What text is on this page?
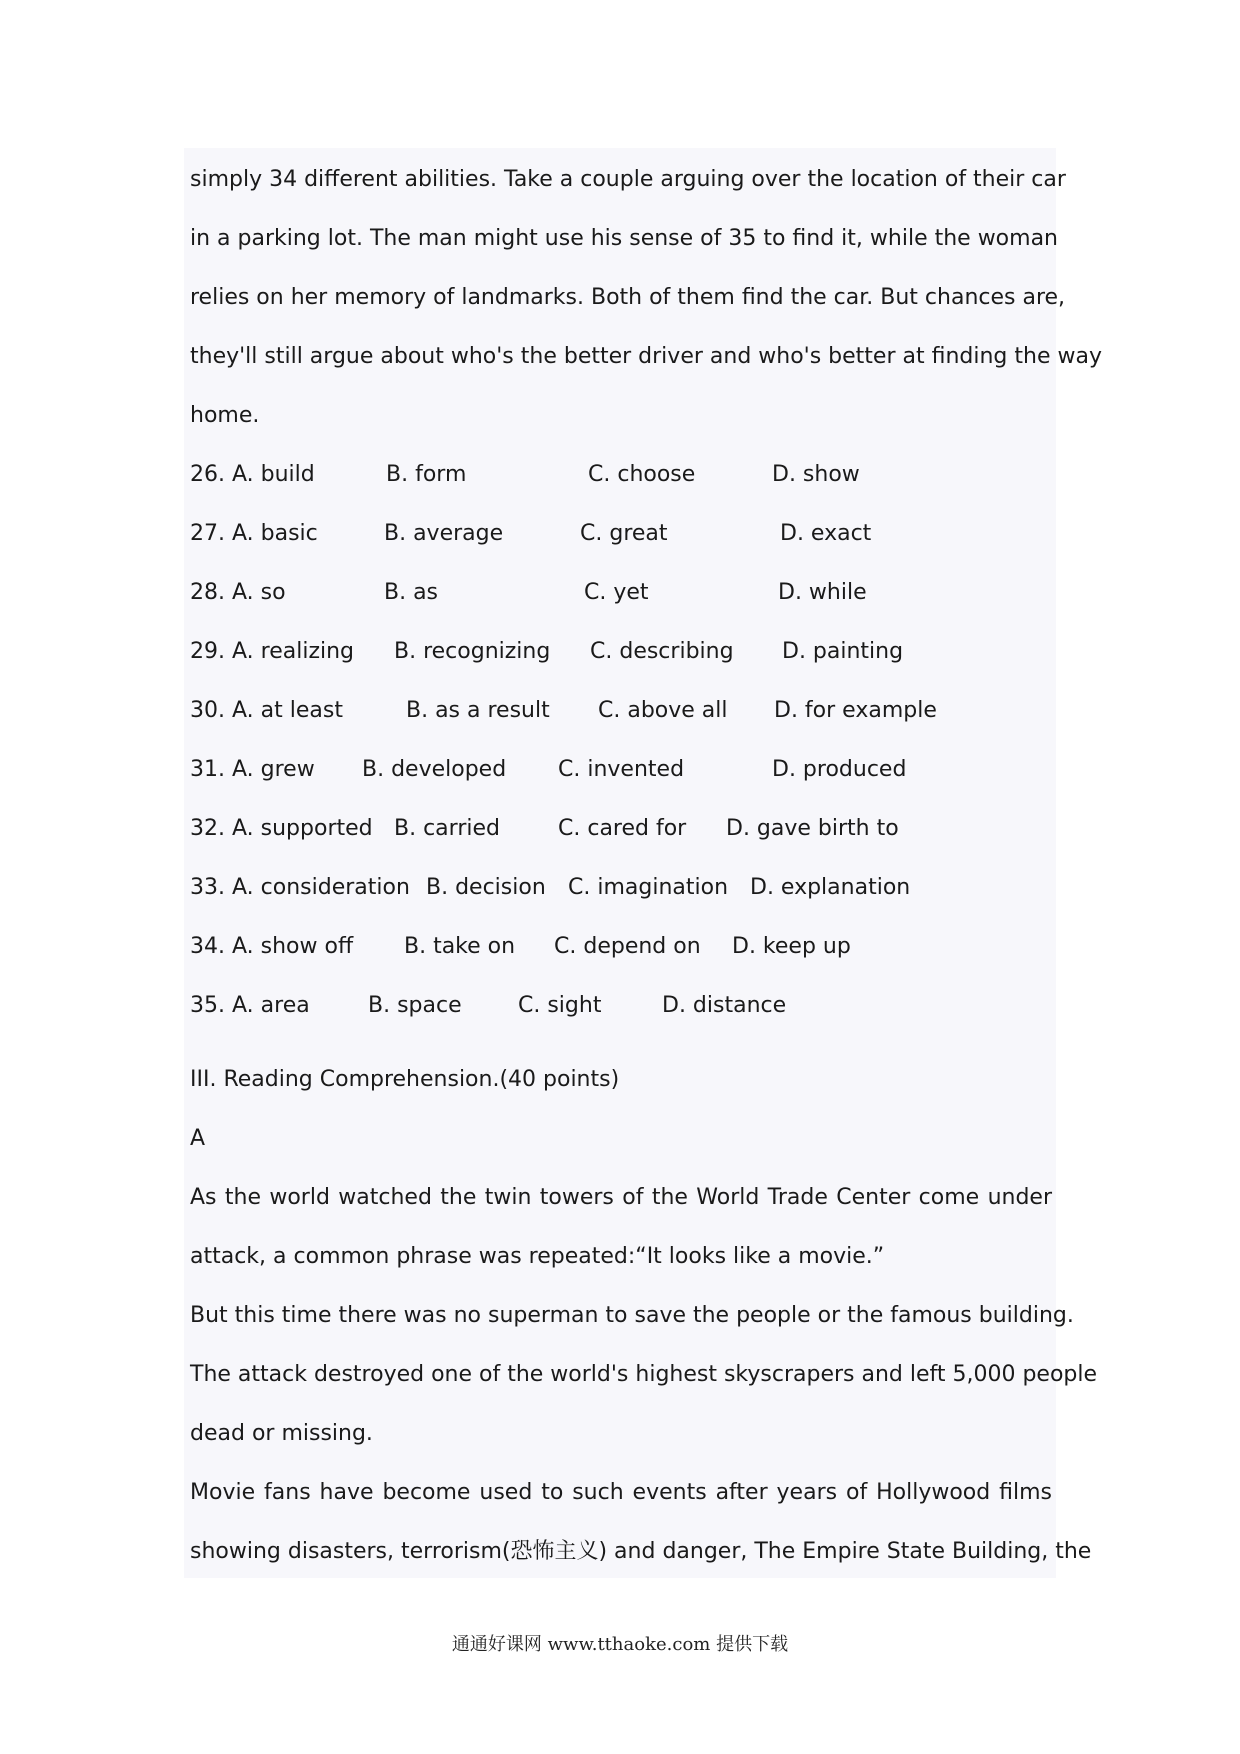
simply 34 different abilities. Take a couple arguing over the location of their car
in a parking lot. The man might use his sense of 35 to find it, while the woman
relies on her memory of landmarks. Both of them find the car. But chances are,
they'll still argue about who's the better driver and who's better at finding the way
home.
26. A. build	B. form	C. choose	D. show
27. A. basic	B. average	C. great	D. exact
28. A. so	B. as	C. yet	D. while
29. A. realizing B. recognizing C. describing D. painting
30. A. at least	B. as a result C. above all D. for example
31. A. grew B. developed C. invented	D. produced
32. A. supported B. carried	C. cared for D. gave birth to
33. A. consideration B. decision C. imagination D. explanation
34. A. show off B. take on C. depend on D. keep up
35. A. area	B. space	C. sight	D. distance
III. Reading Comprehension.(40 points)
A
As the world watched the twin towers of the World Trade Center come under
attack, a common phrase was repeated:“It looks like a movie.”
But this time there was no superman to save the people or the famous building.
The attack destroyed one of the world's highest skyscrapers and left 5,000 people
dead or missing.
Movie fans have become used to such events after years of Hollywood films
showing disasters, terrorism(恐怖主义) and danger, The Empire State Building, the
通通好课网 www.tthaoke.com 提供下载
